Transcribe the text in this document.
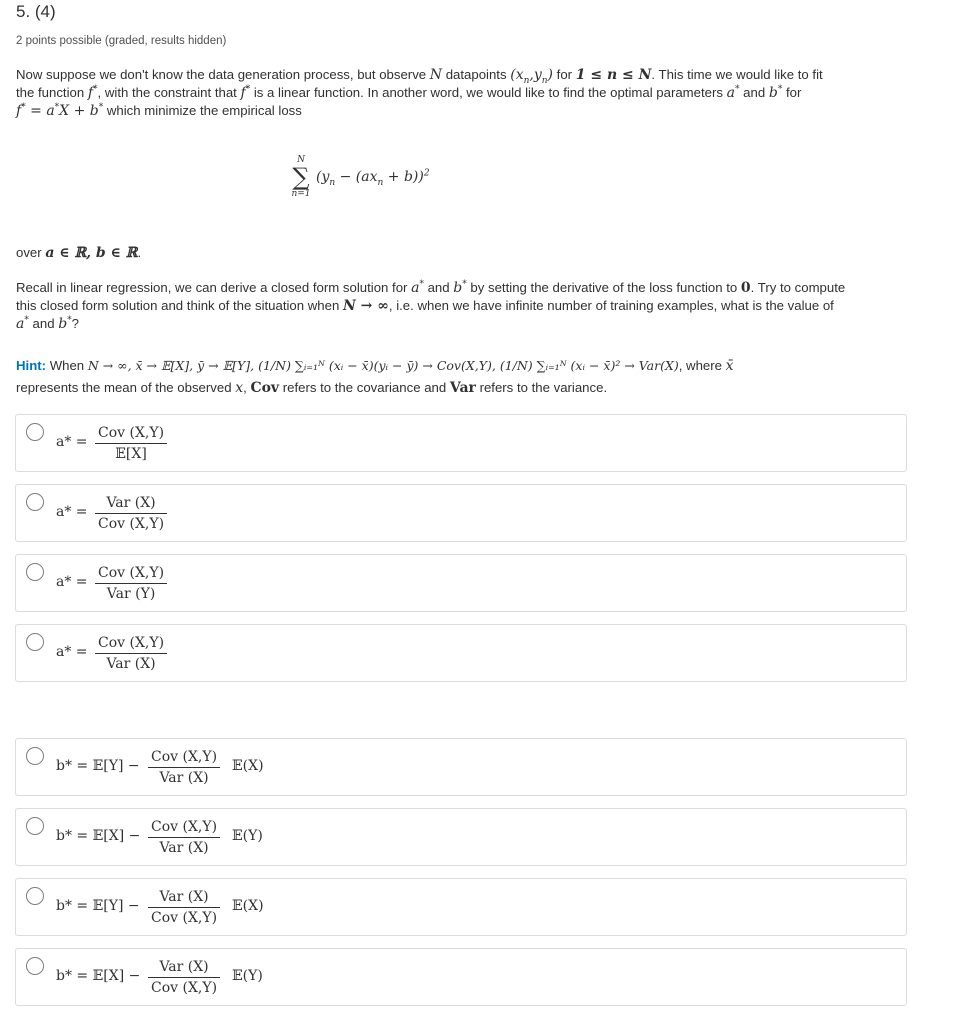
5. (4)
2 points possible (graded, results hidden)
Now suppose we don't know the data generation process, but observe N datapoints $(x_n,y_n)$ for 1 ≤ n ≤ N. This time we would like to fit
the function f*, with the constraint that f* is a linear function. In another word, we would like to find the optimal parameters a* and b* for
f* = a*X + b* which minimize the empirical loss
N
∑
n=1
$(y_n - (ax_n + b))^2$
over a ∈ ℝ, b ∈ ℝ.
Recall in linear regression, we can derive a closed form solution for a* and b* by setting the derivative of the loss function to 0. Try to compute
this closed form solution and think of the situation when N → ∞, i.e. when we have infinite number of training examples, what is the value of
a* and b*?
Hint: When N → ∞, x̄ → 𝔼[X], ȳ → 𝔼[Y], (1/N) ∑ᵢ₌₁ᴺ (xᵢ − x̄)(yᵢ − ȳ) → Cov(X,Y), (1/N) ∑ᵢ₌₁ᴺ (xᵢ − x̄)² → Var(X), where x̄
represents the mean of the observed x, Cov refers to the covariance and Var refers to the variance.
a* =
Cov (X,Y)
𝔼[X]
a* =
Var (X)
Cov (X,Y)
a* =
Cov (X,Y)
Var (Y)
a* =
Cov (X,Y)
Var (X)
b* = 𝔼[Y] −
Cov (X,Y)
Var (X)
𝔼(X)
b* = 𝔼[X] −
Cov (X,Y)
Var (X)
𝔼(Y)
b* = 𝔼[Y] −
Var (X)
Cov (X,Y)
𝔼(X)
b* = 𝔼[X] −
Var (X)
Cov (X,Y)
𝔼(Y)
